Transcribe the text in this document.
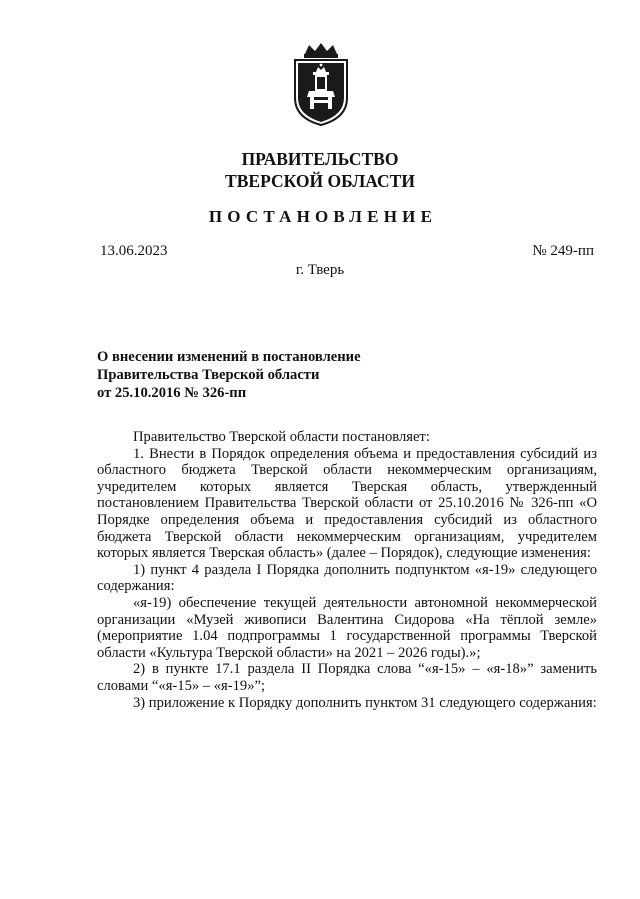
ПРАВИТЕЛЬСТВО
ТВЕРСКОЙ ОБЛАСТИ
ПОСТАНОВЛЕНИЕ
13.06.2023	№ 249-пп
г. Тверь
О внесении изменений в постановление
Правительства Тверской области
от 25.10.2016 № 326-пп

Правительство Тверской области постановляет:

1. Внести в Порядок определения объема и предоставления субсидий из областного бюджета Тверской области некоммерческим организациям, учредителем которых является Тверская область, утвержденный постановлением Правительства Тверской области от 25.10.2016 № 326-пп «О Порядке определения объема и предоставления субсидий из областного бюджета Тверской области некоммерческим организациям, учредителем которых является Тверская область» (далее – Порядок), следующие изменения:

1) пункт 4 раздела I Порядка дополнить подпунктом «я-19» следующего содержания:

«я-19) обеспечение текущей деятельности автономной некоммерческой организации «Музей живописи Валентина Сидорова «На тёплой земле» (мероприятие 1.04 подпрограммы 1 государственной программы Тверской области «Культура Тверской области» на 2021 – 2026 годы).»;

2) в пункте 17.1 раздела II Порядка слова “«я-15» – «я-18»” заменить словами “«я-15» – «я-19»”;

3) приложение к Порядку дополнить пунктом 31 следующего содержания:
